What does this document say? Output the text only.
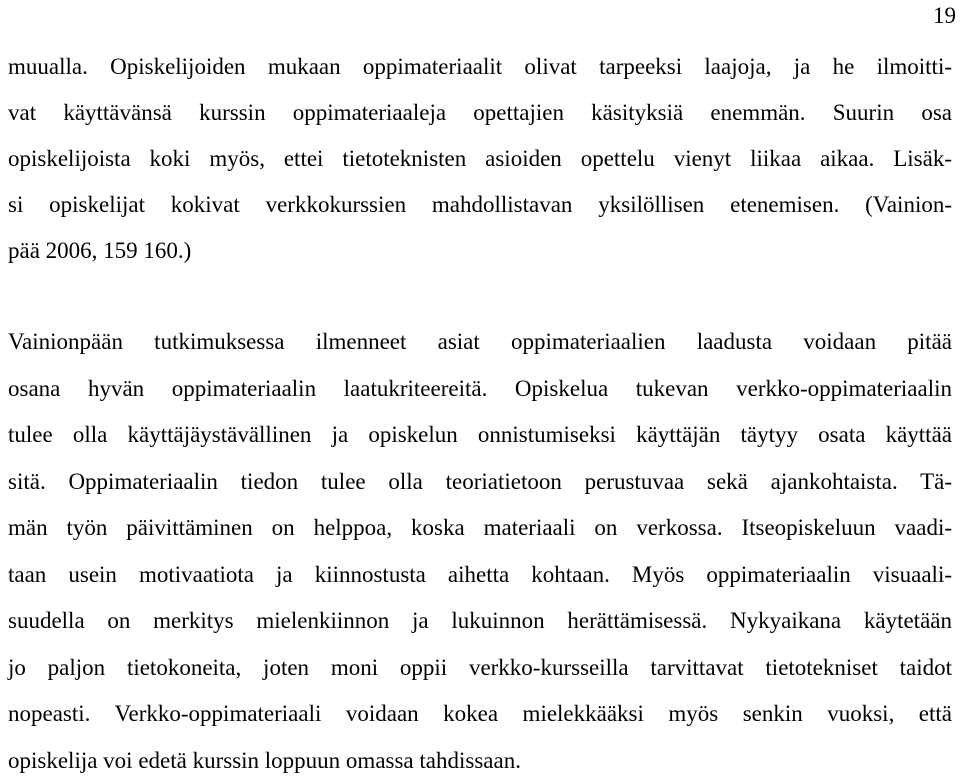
19
muualla. Opiskelijoiden mukaan oppimateriaalit olivat tarpeeksi laajoja, ja he ilmoitti-
vat käyttävänsä kurssin oppimateriaaleja opettajien käsityksiä enemmän. Suurin osa
opiskelijoista koki myös, ettei tietoteknisten asioiden opettelu vienyt liikaa aikaa. Lisäk-
si opiskelijat kokivat verkkokurssien mahdollistavan yksilöllisen etenemisen. (Vainion-
pää 2006, 159 160.)
Vainionpään tutkimuksessa ilmenneet asiat oppimateriaalien laadusta voidaan pitää
osana hyvän oppimateriaalin laatukriteereitä. Opiskelua tukevan verkko-oppimateriaalin
tulee olla käyttäjäystävällinen ja opiskelun onnistumiseksi käyttäjän täytyy osata käyttää
sitä. Oppimateriaalin tiedon tulee olla teoriatietoon perustuvaa sekä ajankohtaista. Tä-
män työn päivittäminen on helppoa, koska materiaali on verkossa. Itseopiskeluun vaadi-
taan usein motivaatiota ja kiinnostusta aihetta kohtaan. Myös oppimateriaalin visuaali-
suudella on merkitys mielenkiinnon ja lukuinnon herättämisessä. Nykyaikana käytetään
jo paljon tietokoneita, joten moni oppii verkko-kursseilla tarvittavat tietotekniset taidot
nopeasti. Verkko-oppimateriaali voidaan kokea mielekkääksi myös senkin vuoksi, että
opiskelija voi edetä kurssin loppuun omassa tahdissaan.
